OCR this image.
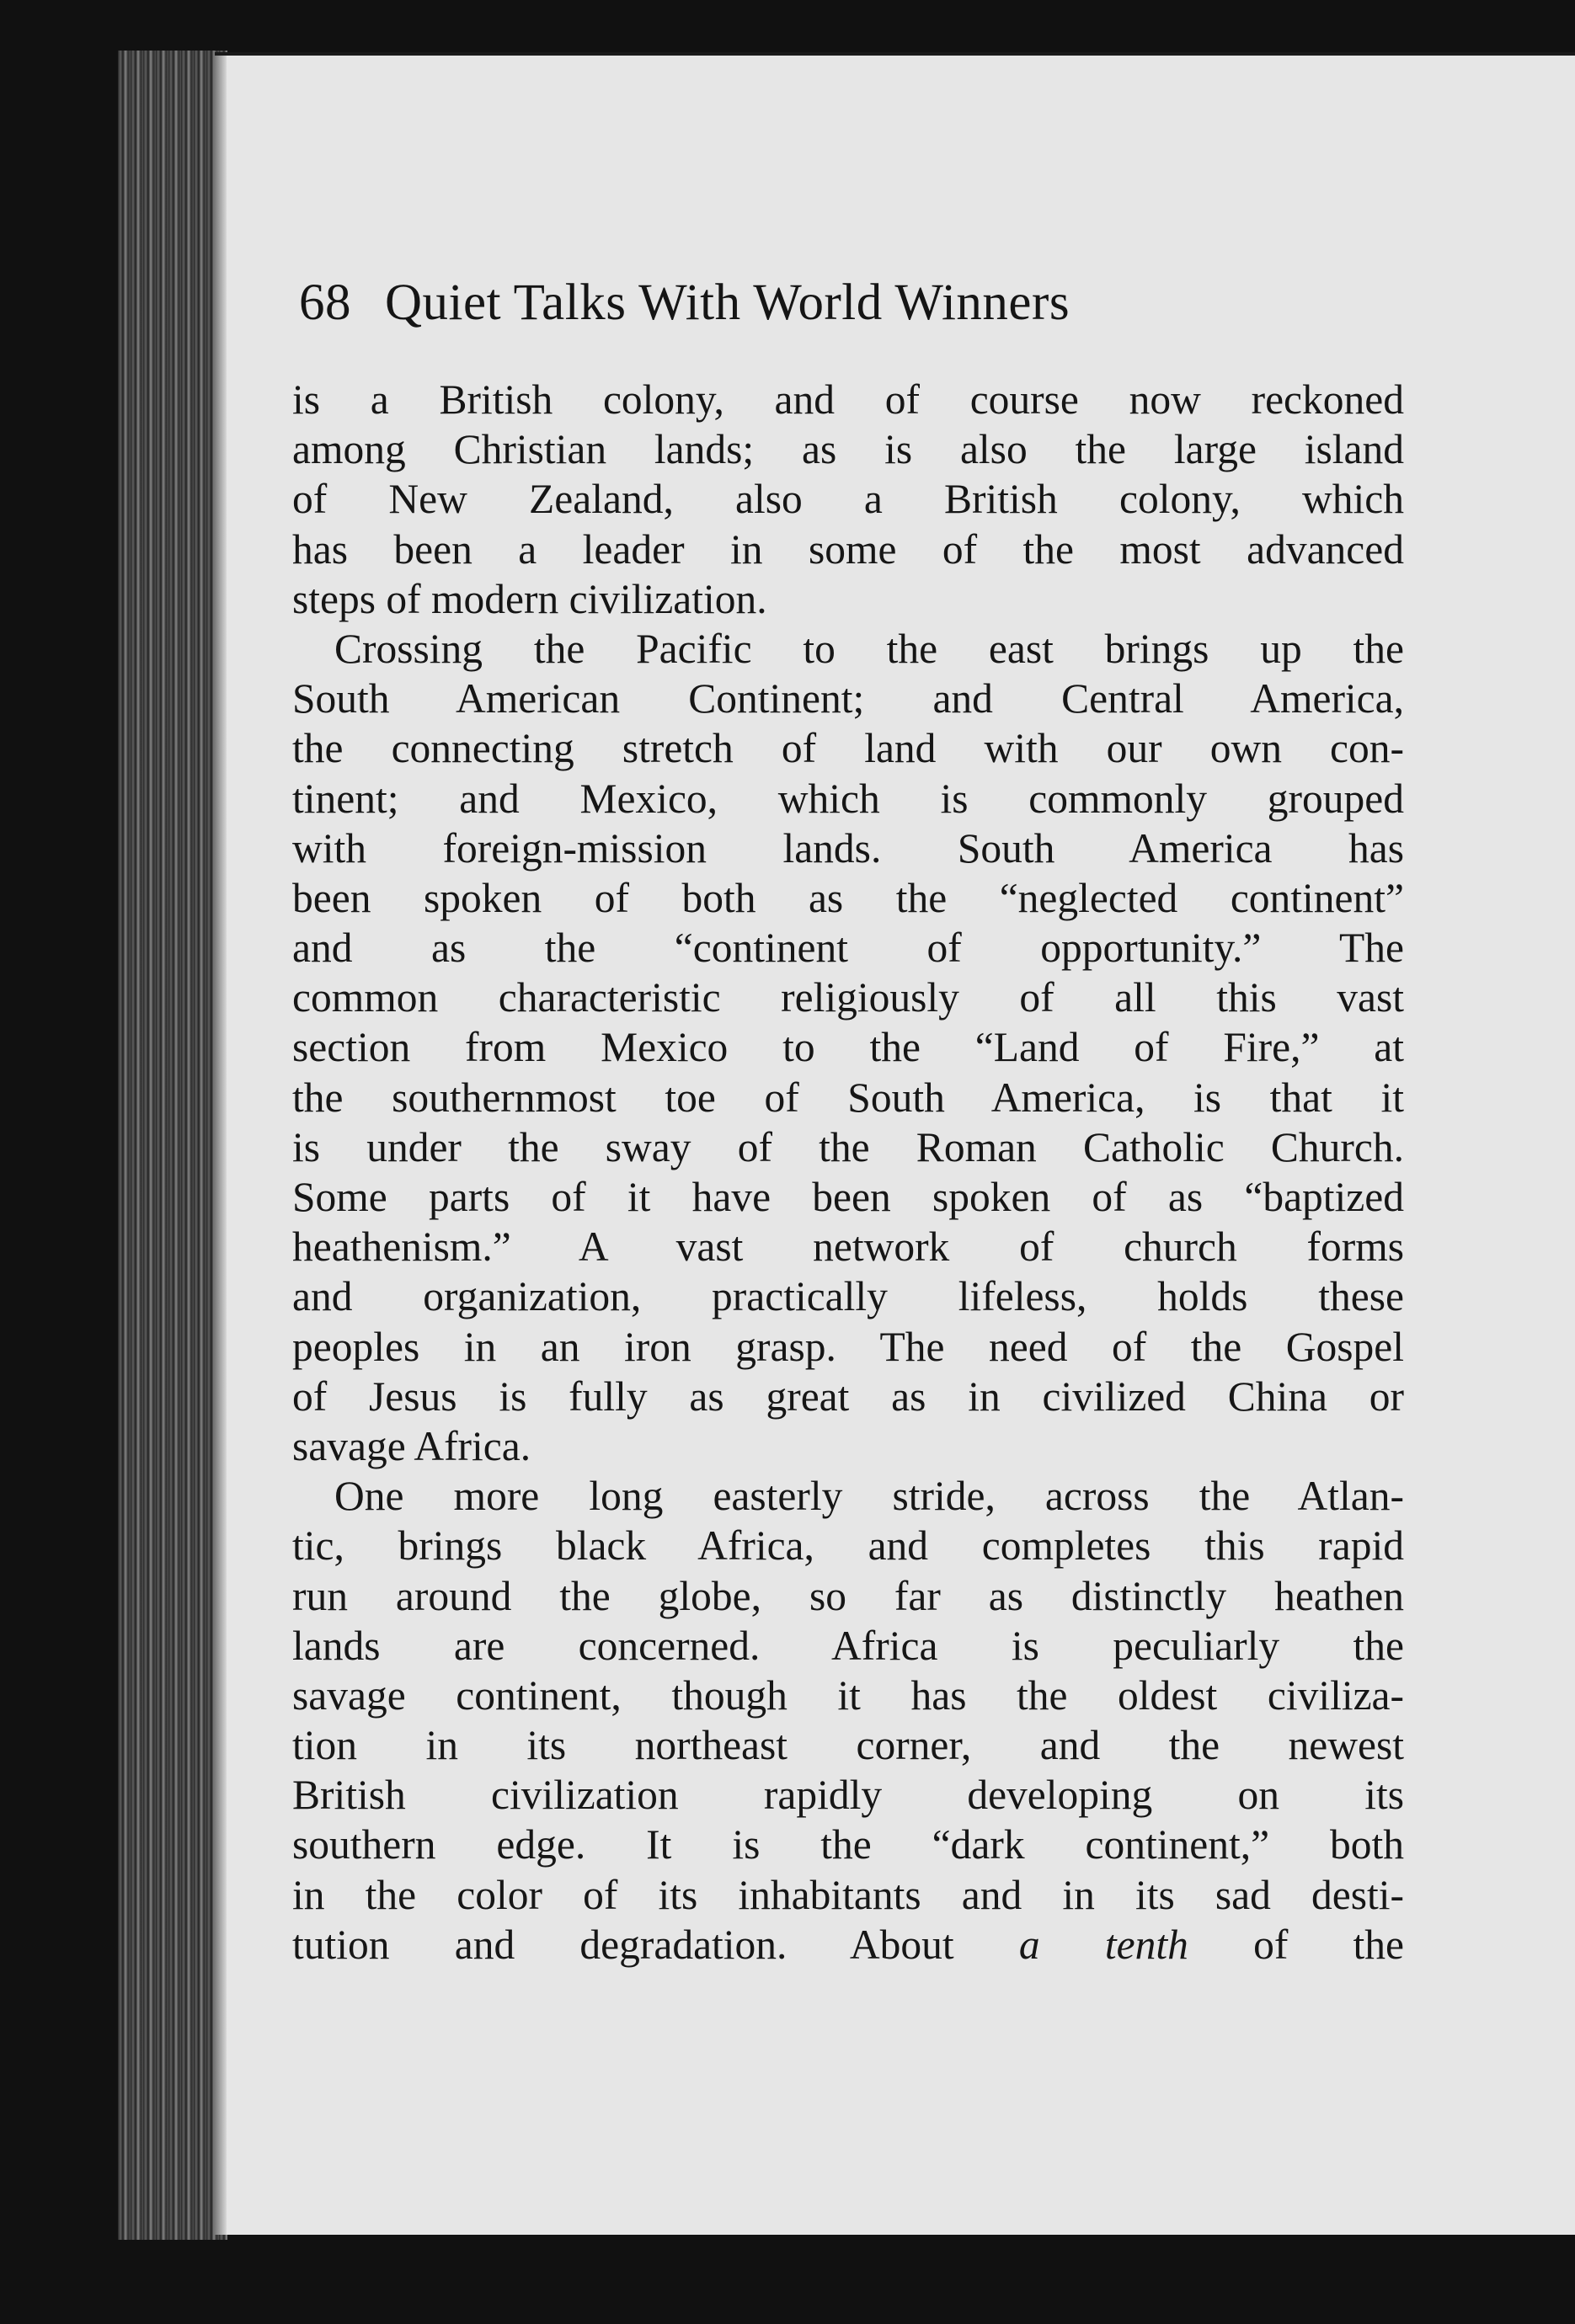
68 Quiet Talks With World Winners
is a British colony, and of course now reckoned
among Christian lands; as is also the large island
of New Zealand, also a British colony, which
has been a leader in some of the most advanced
steps of modern civilization.
Crossing the Pacific to the east brings up the
South American Continent; and Central America,
the connecting stretch of land with our own con-
tinent; and Mexico, which is commonly grouped
with foreign-mission lands. South America has
been spoken of both as the “neglected continent”
and as the “continent of opportunity.” The
common characteristic religiously of all this vast
section from Mexico to the “Land of Fire,” at
the southernmost toe of South America, is that it
is under the sway of the Roman Catholic Church.
Some parts of it have been spoken of as “baptized
heathenism.” A vast network of church forms
and organization, practically lifeless, holds these
peoples in an iron grasp. The need of the Gospel
of Jesus is fully as great as in civilized China or
savage Africa.
One more long easterly stride, across the Atlan-
tic, brings black Africa, and completes this rapid
run around the globe, so far as distinctly heathen
lands are concerned. Africa is peculiarly the
savage continent, though it has the oldest civiliza-
tion in its northeast corner, and the newest
British civilization rapidly developing on its
southern edge. It is the “dark continent,” both
in the color of its inhabitants and in its sad desti-
tution and degradation. About a tenth of the
